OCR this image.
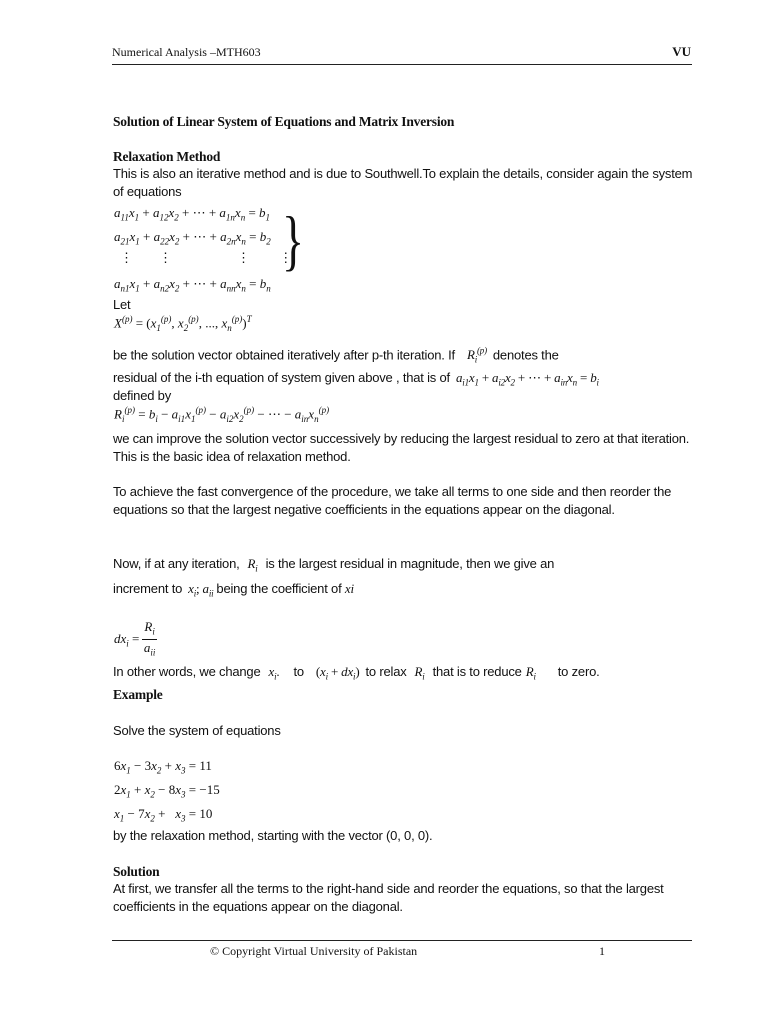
Numerical Analysis –MTH603	VU
Solution of Linear System of Equations and Matrix Inversion
Relaxation Method
This is also an iterative method and is due to Southwell.To explain the details, consider again the system of equations
$a_{11}x_1 + a_{12}x_2$ + ⋯ + $a_{1n}x_n = b_1$
$a_{21}x_1 + a_{22}x_2$ + ⋯ + $a_{2n}x_n = b_2$
⋮        ⋮                    ⋮         ⋮
$a_{n1}x_1 + a_{n2}x_2$ + ⋯ + $a_{nn}x_n = b_n$
}
Let
$X^{(p)} = (x_1^{(p)}$, $x_2^{(p)}$, ..., $x_n^{(p)})^T$
be the solution vector obtained iteratively after p-th iteration. If $R_i^{(p)}$ denotes the
residual of the i-th equation of system given above , that is of $a_{i1}x_1 + a_{i2}x_2$ + ⋯ + $a_{in}x_n = b_i$
defined by
$R_i^{(p)} = b_i - a_{i1}x_1^{(p)} - a_{i2}x_2^{(p)}$ − ⋯ − $a_{in}x_n^{(p)}$
we can improve the solution vector successively by reducing the largest residual to zero at that iteration. This is the basic idea of relaxation method.
To achieve the fast convergence of the procedure, we take all terms to one side and then reorder the equations so that the largest negative coefficients in the equations appear on the diagonal.
Now, if at any iteration, $R_i$ is the largest residual in magnitude, then we give an
increment to $x_i$; $a_{ii}$ being the coefficient of xi
$dx_i = \frac{R_i}{a_{ii}}$
In other words, we change $x_i$. to $(x_i + dx_i)$ to relax $R_i$ that is to reduce $R_i$ to zero.
Example
Solve the system of equations
$6x_1 - 3x_2 + x_3 = 11$
$2x_1 + x_2 - 8x_3 = -15$
$x_1 - 7x_2 + x_3 = 10$
by the relaxation method, starting with the vector (0, 0, 0).
Solution
At first, we transfer all the terms to the right-hand side and reorder the equations, so that the largest coefficients in the equations appear on the diagonal.
© Copyright Virtual University of Pakistan	1
